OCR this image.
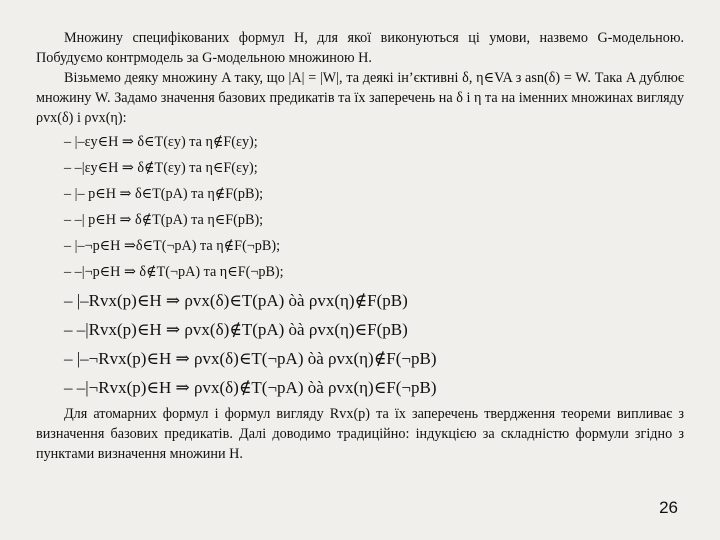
Множину специфікованих формул H, для якої виконуються ці умови, назвемо G-модельною. Побудуємо контрмодель за G-модельною множиною H.

Візьмемо деяку множину A таку, що |A| = |W|, та деякі ін’єктивні δ, η∈VA з asn(δ) = W. Така A дублює множину W. Задамо значення базових предикатів та їх заперечень на δ і η та на іменних множинах вигляду ρvx(δ) і ρvx(η):

– |–εy∈H ⇒ δ∈T(εy) та η∉F(εy);
– –|εy∈H ⇒ δ∉T(εy) та η∈F(εy);
– |– p∈H ⇒ δ∈T(pA) та η∉F(pB);
– –| p∈H ⇒ δ∉T(pA) та η∈F(pB);
– |–¬p∈H ⇒δ∈T(¬pA) та η∉F(¬pB);
– –|¬p∈H ⇒ δ∉T(¬pA) та η∈F(¬pB);
– |–Rvx(p)∈H ⇒ ρvx(δ)∈T(pA) òà ρvx(η)∉F(pB)
– –|Rvx(p)∈H ⇒ ρvx(δ)∉T(pA) òà ρvx(η)∈F(pB)
– |–¬Rvx(p)∈H ⇒ ρvx(δ)∈T(¬pA) òà ρvx(η)∉F(¬pB)
– –|¬Rvx(p)∈H ⇒ ρvx(δ)∉T(¬pA) òà ρvx(η)∈F(¬pB)

Для атомарних формул і формул вигляду Rvx(p) та їх заперечень твердження теореми випливає з визначення базових предикатів. Далі доводимо традиційно: індукцією за складністю формули згідно з пунктами визначення множини H.

26
